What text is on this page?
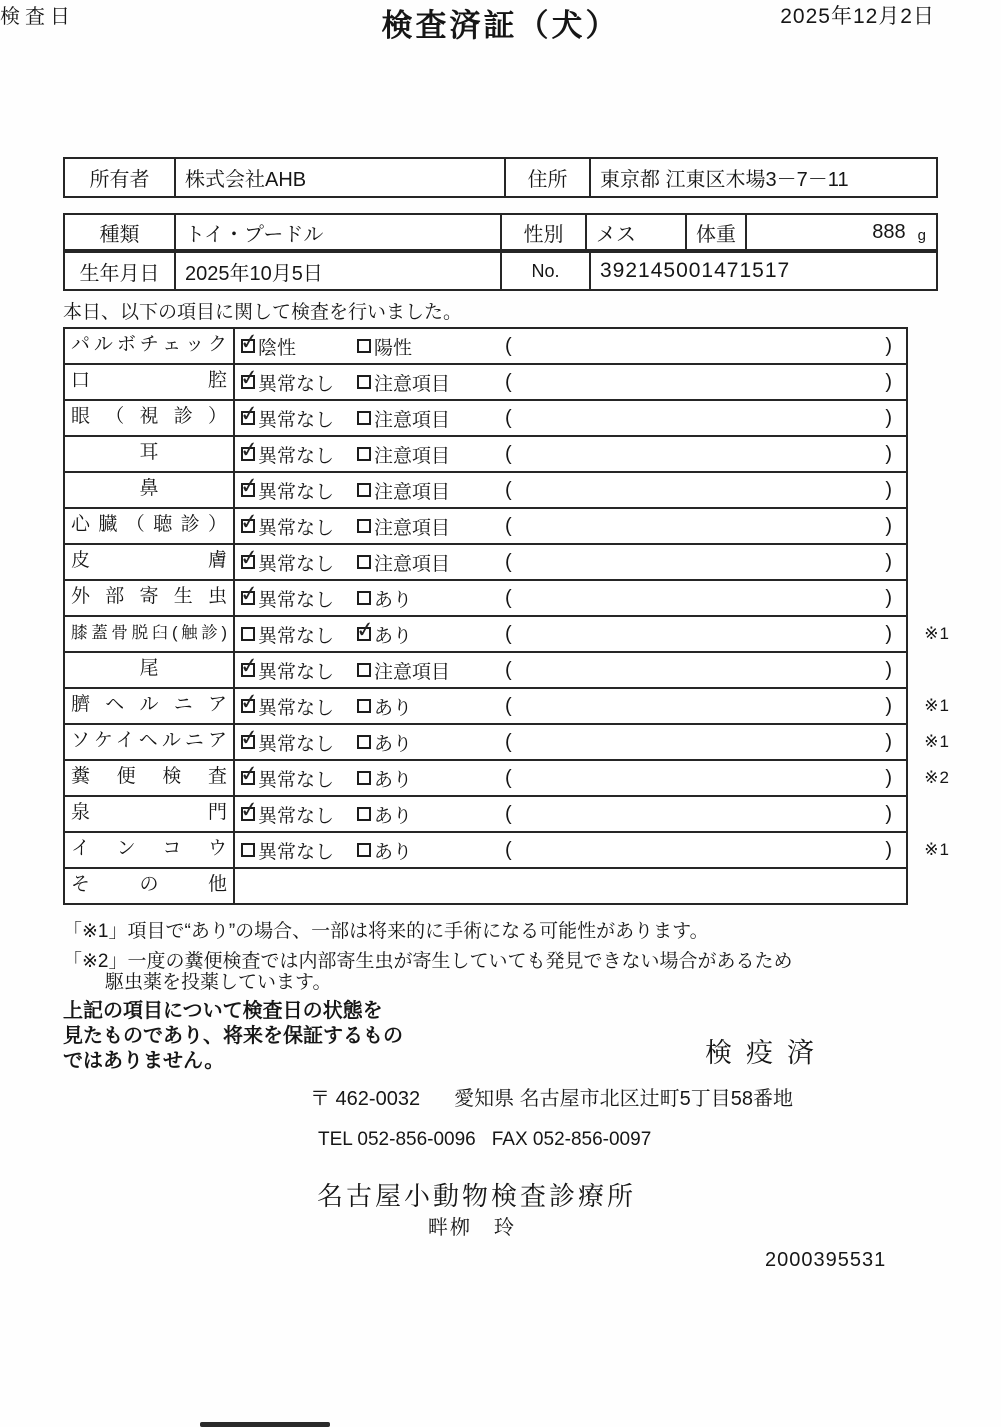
検査済証（犬）
検査日	2025年12月2日
所有者	株式会社AHB	住所	東京都 江東区木場3－7－11
種類	トイ・プードル	性別	メス	体重	888 g
生年月日	2025年10月5日	No.	392145001471517
本日、以下の項目に関して検査を行いました。
パルボチェック ✓	陰性	陽性	(	)
口腔 ✓	異常なし 注意項目	(	)
眼（視診） ✓	異常なし 注意項目	(	)
耳 ✓	異常なし 注意項目	(	)
鼻 ✓	異常なし 注意項目	(	)
心臓（聴診） ✓	異常なし 注意項目	(	)
皮膚 ✓	異常なし 注意項目	(	)
外部寄生虫 ✓	異常なし あり	(	)
膝蓋骨脱臼(触診)	異常なし ✓ あり	(	) ※1
尾 ✓	異常なし 注意項目	(	)
臍ヘルニア ✓	異常なし あり	(	) ※1
ソケイヘルニア ✓	異常なし あり	(	) ※1
糞便検査 ✓	異常なし あり	(	) ※2
泉門 ✓	異常なし あり	(	)
インコウ	異常なし あり	(	) ※1
その他
「※1」項目で“あり”の場合、一部は将来的に手術になる可能性があります。
「※2」一度の糞便検査では内部寄生虫が寄生していても発見できない場合があるため
駆虫薬を投薬しています。
上記の項目について検査日の状態を
見たものであり、将来を保証するもの
ではありません。	検疫済
〒 462-0032 愛知県 名古屋市北区辻町5丁目58番地
TEL 052-856-0096 FAX 052-856-0097
名古屋小動物検査診療所
畔栁　玲
2000395531
